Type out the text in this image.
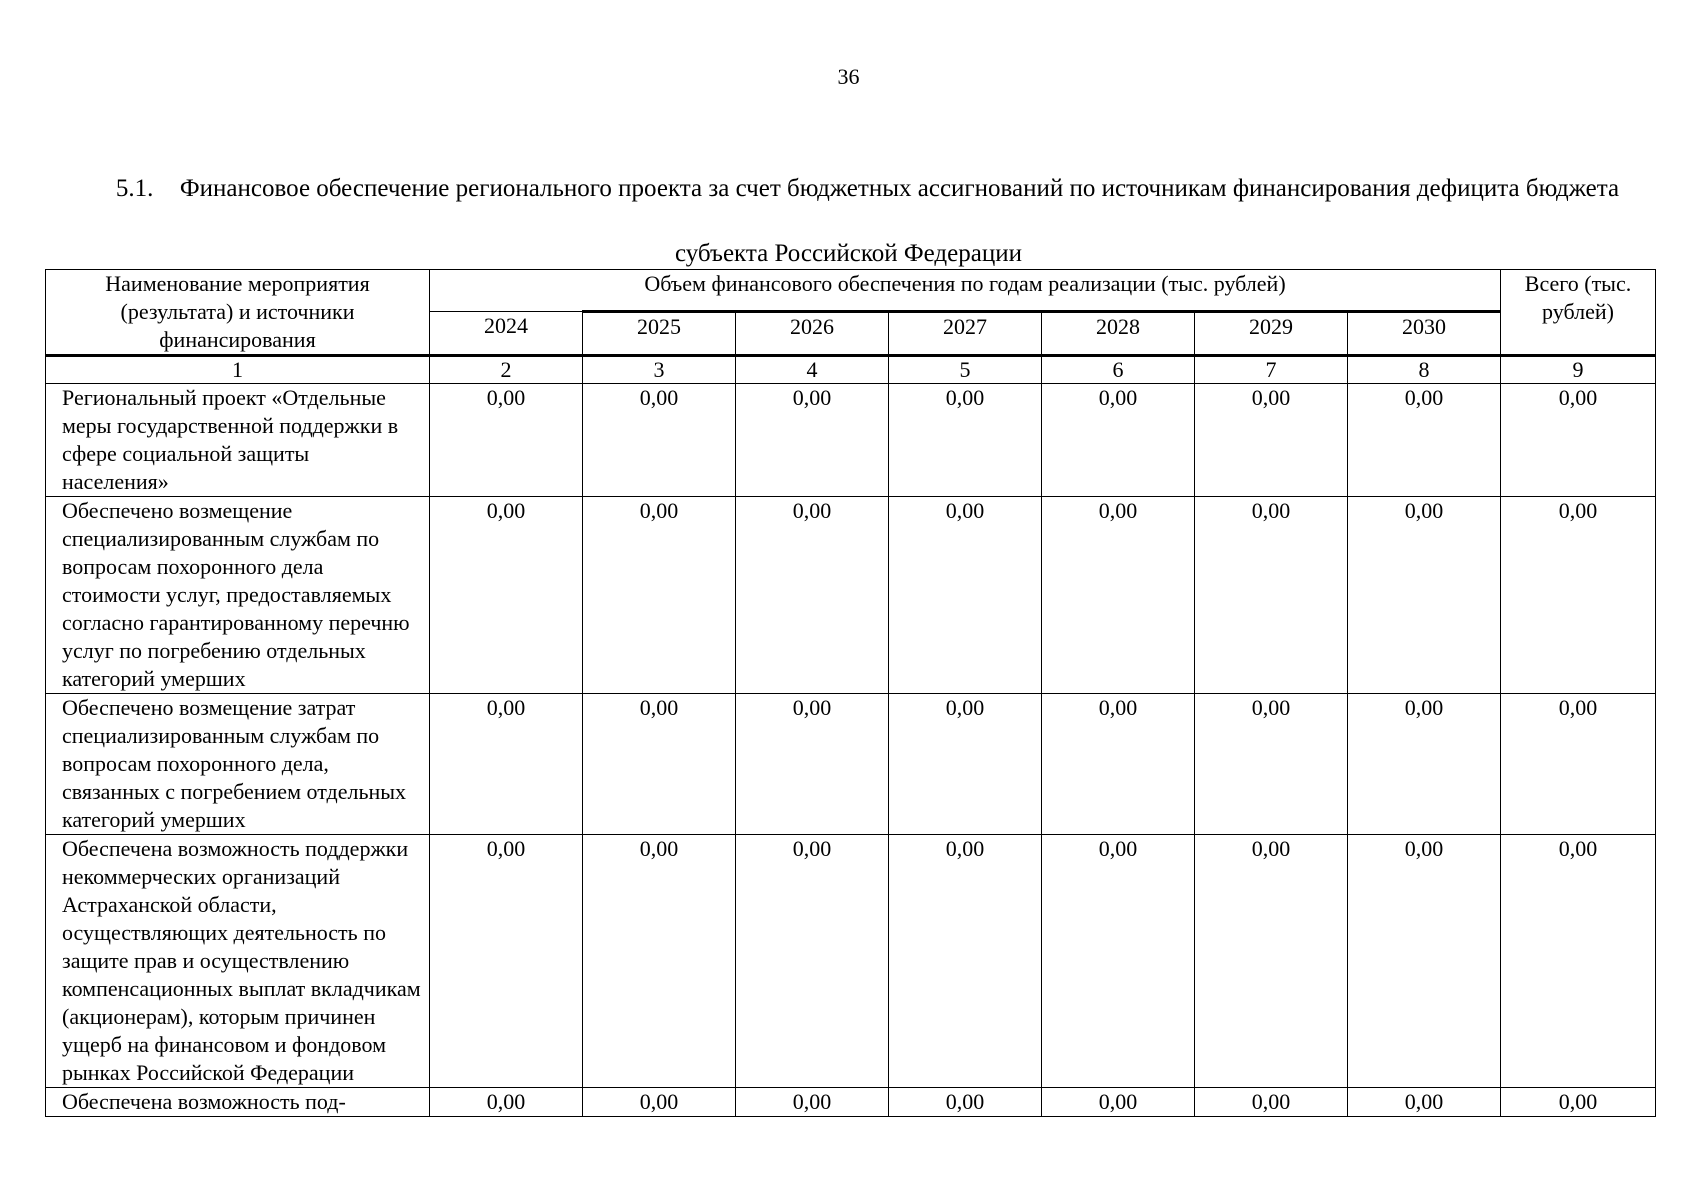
36
5.1. Финансовое обеспечение регионального проекта за счет бюджетных ассигнований по источникам финансирования дефицита бюджета
субъекта Российской Федерации
Наименование мероприятия (результата) и источники финансирования	Объем финансового обеспечения по годам реализации (тыс. рублей)							Всего (тыс. рублей)
	2024	2025	2026	2027	2028	2029	2030	
1	2	3	4	5	6	7	8	9
Региональный проект «Отдельные меры государственной поддержки в сфере социальной защиты населения»	0,00	0,00	0,00	0,00	0,00	0,00	0,00	0,00
Обеспечено возмещение специализированным службам по вопросам похоронного дела стоимости услуг, предоставляемых согласно гарантированному перечню услуг по погребению отдельных категорий умерших	0,00	0,00	0,00	0,00	0,00	0,00	0,00	0,00
Обеспечено возмещение затрат специализированным службам по вопросам похоронного дела, связанных с погребением отдельных категорий умерших	0,00	0,00	0,00	0,00	0,00	0,00	0,00	0,00
Обеспечена возможность поддержки некоммерческих организаций Астраханской области, осуществляющих деятельность по защите прав и осуществлению компенсационных выплат вкладчикам (акционерам), которым причинен ущерб на финансовом и фондовом рынках Российской Федерации	0,00	0,00	0,00	0,00	0,00	0,00	0,00	0,00
Обеспечена возможность под-	0,00	0,00	0,00	0,00	0,00	0,00	0,00	0,00
